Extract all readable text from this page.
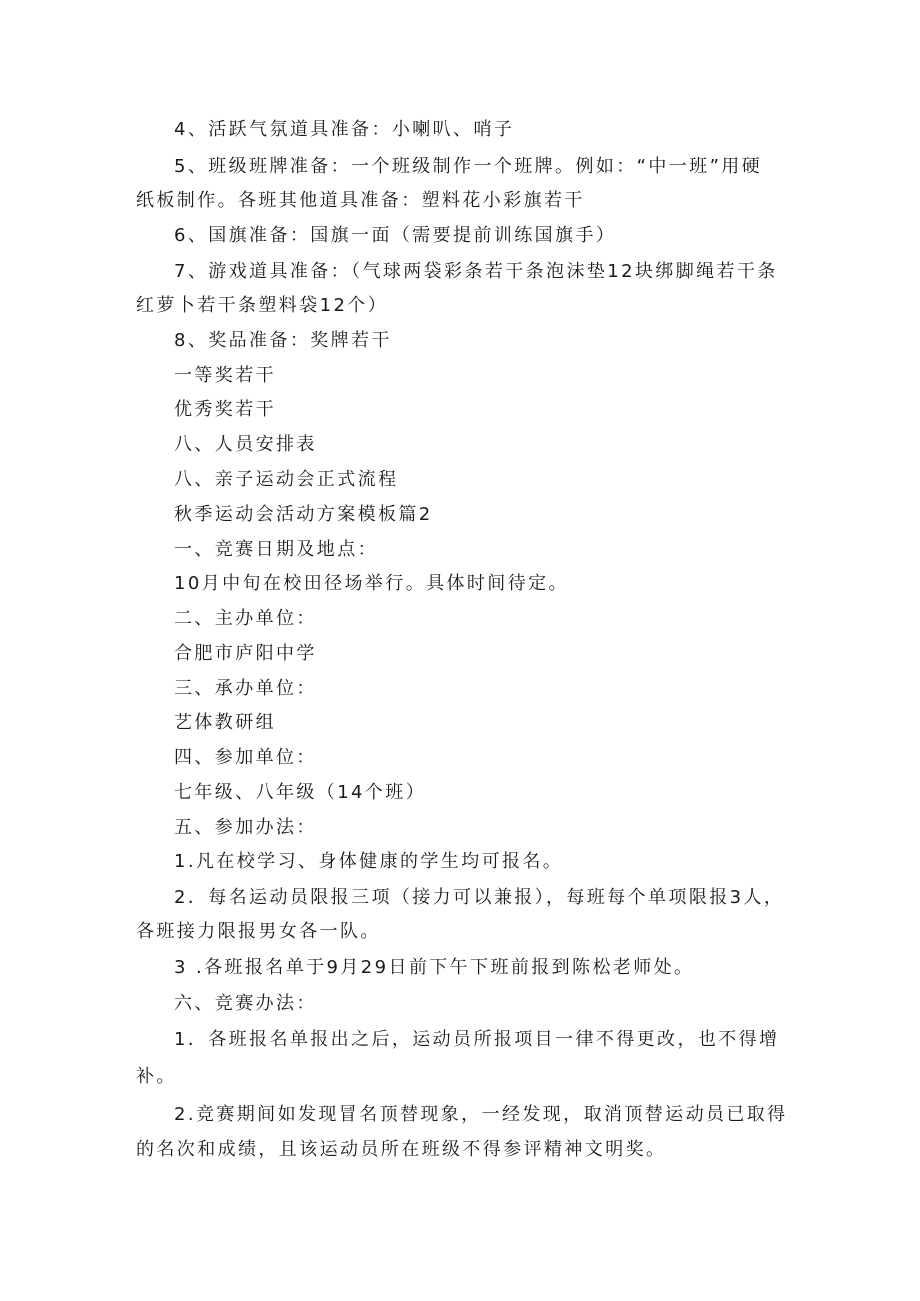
4、活跃气氛道具准备：小喇叭、哨子
5、班级班牌准备：一个班级制作一个班牌。例如：“中一班”用硬
纸板制作。各班其他道具准备：塑料花小彩旗若干
6、国旗准备：国旗一面（需要提前训练国旗手）
7、游戏道具准备：（气球两袋彩条若干条泡沫垫12块绑脚绳若干条
红萝卜若干条塑料袋12个）
8、奖品准备：奖牌若干
一等奖若干
优秀奖若干
八、人员安排表
八、亲子运动会正式流程
秋季运动会活动方案模板篇2
一、竞赛日期及地点：
10月中旬在校田径场举行。具体时间待定。
二、主办单位：
合肥市庐阳中学
三、承办单位：
艺体教研组
四、参加单位：
七年级、八年级（14个班）
五、参加办法：
1.凡在校学习、身体健康的学生均可报名。
2．每名运动员限报三项（接力可以兼报），每班每个单项限报3人，
各班接力限报男女各一队。
3 .各班报名单于9月29日前下午下班前报到陈松老师处。
六、竞赛办法：
1．各班报名单报出之后，运动员所报项目一律不得更改，也不得增
补。
2.竞赛期间如发现冒名顶替现象，一经发现，取消顶替运动员已取得
的名次和成绩，且该运动员所在班级不得参评精神文明奖。
